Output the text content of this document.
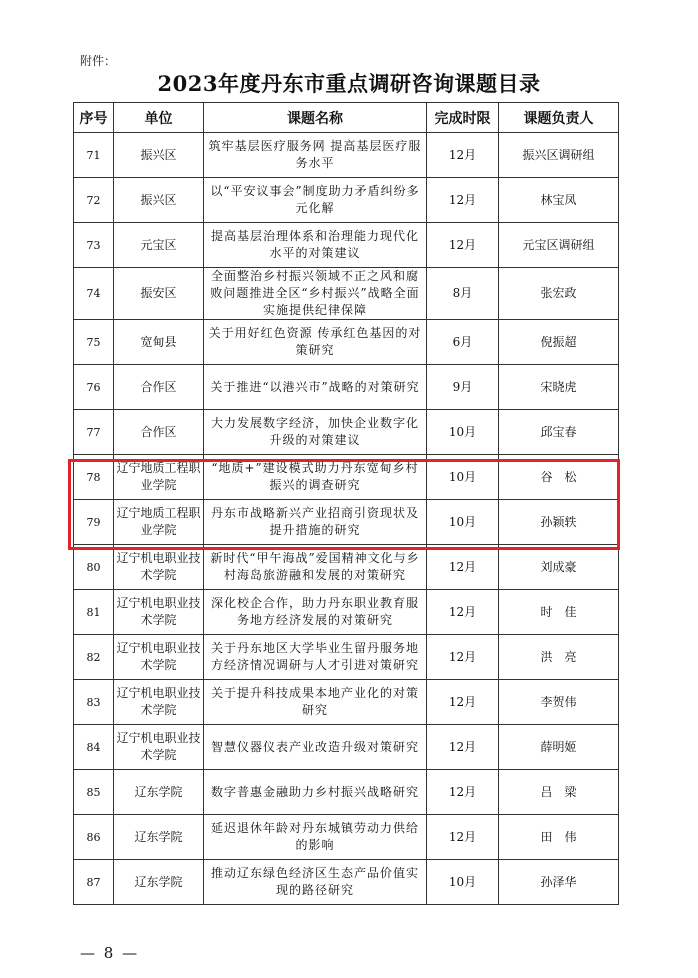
附件：
2023年度丹东市重点调研咨询课题目录
序号	单位	课题名称	完成时限	课题负责人
71	振兴区	筑牢基层医疗服务网 提高基层医疗服务水平	12月	振兴区调研组
72	振兴区	以“平安议事会”制度助力矛盾纠纷多元化解	12月	林宝凤
73	元宝区	提高基层治理体系和治理能力现代化水平的对策建议	12月	元宝区调研组
74	振安区	全面整治乡村振兴领域不正之风和腐败问题推进全区“乡村振兴”战略全面实施提供纪律保障	8月	张宏政
75	宽甸县	关于用好红色资源 传承红色基因的对策研究	6月	倪振超
76	合作区	关于推进“以港兴市”战略的对策研究	9月	宋晓虎
77	合作区	大力发展数字经济，加快企业数字化升级的对策建议	10月	邱宝春
78	辽宁地质工程职业学院	“地质+”建设模式助力丹东宽甸乡村振兴的调查研究	10月	谷　松
79	辽宁地质工程职业学院	丹东市战略新兴产业招商引资现状及提升措施的研究	10月	孙颖轶
80	辽宁机电职业技术学院	新时代“甲午海战”爱国精神文化与乡村海岛旅游融和发展的对策研究	12月	刘成豪
81	辽宁机电职业技术学院	深化校企合作，助力丹东职业教育服务地方经济发展的对策研究	12月	时　佳
82	辽宁机电职业技术学院	关于丹东地区大学毕业生留丹服务地方经济情况调研与人才引进对策研究	12月	洪　亮
83	辽宁机电职业技术学院	关于提升科技成果本地产业化的对策研究	12月	李贺伟
84	辽宁机电职业技术学院	智慧仪器仪表产业改造升级对策研究	12月	薛明姬
85	辽东学院	数字普惠金融助力乡村振兴战略研究	12月	吕　梁
86	辽东学院	延迟退休年龄对丹东城镇劳动力供给的影响	12月	田　伟
87	辽东学院	推动辽东绿色经济区生态产品价值实现的路径研究	10月	孙泽华
— 8 —
